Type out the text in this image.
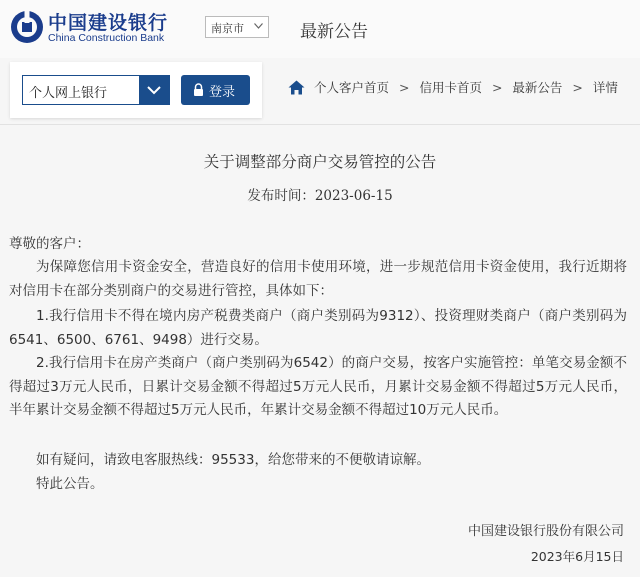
中国建设银行
China Construction Bank
南京市	最新公告
个人网上银行	登录	个人客户首页 > 信用卡首页 > 最新公告 > 详情
关于调整部分商户交易管控的公告
发布时间：2023-06-15
尊敬的客户：
为保障您信用卡资金安全，营造良好的信用卡使用环境，进一步规范信用卡资金使用，我行近期将对信用卡在部分类别商户的交易进行管控，具体如下：
1.我行信用卡不得在境内房产税费类商户（商户类别码为9312）、投资理财类商户（商户类别码为6541、6500、6761、9498）进行交易。
2.我行信用卡在房产类商户（商户类别码为6542）的商户交易，按客户实施管控：单笔交易金额不得超过3万元人民币，日累计交易金额不得超过5万元人民币，月累计交易金额不得超过5万元人民币，半年累计交易金额不得超过5万元人民币，年累计交易金额不得超过10万元人民币。
如有疑问，请致电客服热线：95533，给您带来的不便敬请谅解。
特此公告。
中国建设银行股份有限公司
2023年6月15日
